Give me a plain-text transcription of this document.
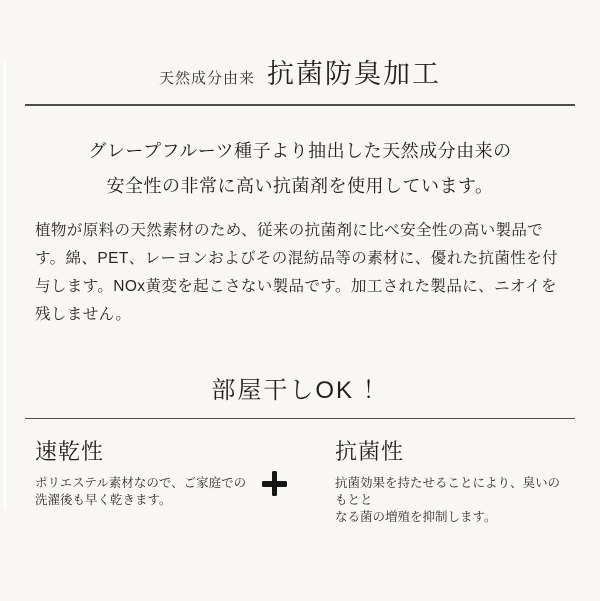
天然成分由来 抗菌防臭加工
グレープフルーツ種子より抽出した天然成分由来の
安全性の非常に高い抗菌剤を使用しています。

植物が原料の天然素材のため、従来の抗菌剤に比べ安全性の高い製品です。綿、PET、レーヨンおよびその混紡品等の素材に、優れた抗菌性を付与します。NOx黄変を起こさない製品です。加工された製品に、ニオイを残しません。

部屋干しOK ！
速乾性
ポリエステル素材なので、ご家庭での
洗濯後も早く乾きます。
抗菌性
抗菌効果を持たせることにより、臭いのもとと
なる菌の増殖を抑制します。
